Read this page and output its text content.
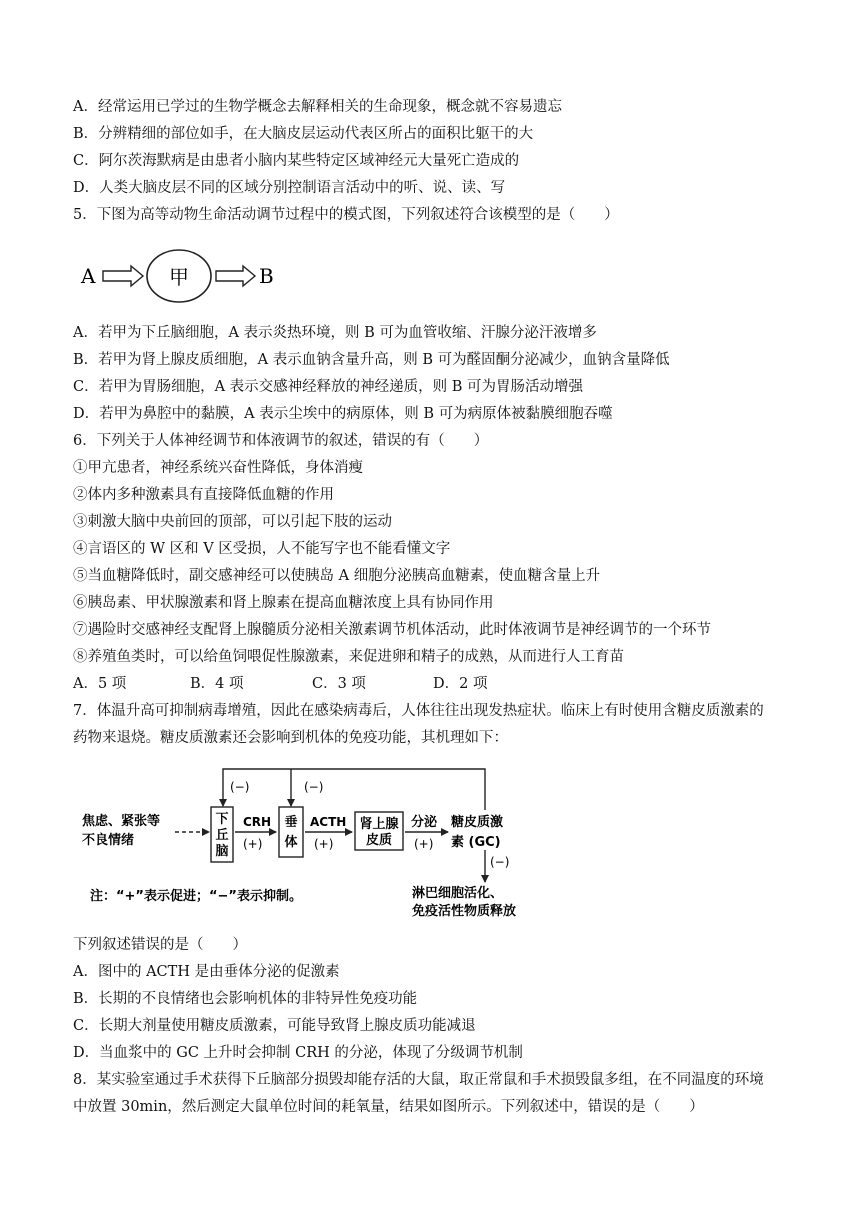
A．经常运用已学过的生物学概念去解释相关的生命现象，概念就不容易遗忘
B．分辨精细的部位如手，在大脑皮层运动代表区所占的面积比躯干的大
C．阿尔茨海默病是由患者小脑内某些特定区域神经元大量死亡造成的
D．人类大脑皮层不同的区域分别控制语言活动中的听、说、读、写
5．下图为高等动物生命活动调节过程中的模式图，下列叙述符合该模型的是（　　）
A	甲	B
A．若甲为下丘脑细胞，A 表示炎热环境，则 B 可为血管收缩、汗腺分泌汗液增多
B．若甲为肾上腺皮质细胞，A 表示血钠含量升高，则 B 可为醛固酮分泌减少，血钠含量降低
C．若甲为胃肠细胞，A 表示交感神经释放的神经递质，则 B 可为胃肠活动增强
D．若甲为鼻腔中的黏膜，A 表示尘埃中的病原体，则 B 可为病原体被黏膜细胞吞噬
6．下列关于人体神经调节和体液调节的叙述，错误的有（　　）
①甲亢患者，神经系统兴奋性降低，身体消瘦
②体内多种激素具有直接降低血糖的作用
③刺激大脑中央前回的顶部，可以引起下肢的运动
④言语区的 W 区和 V 区受损，人不能写字也不能看懂文字
⑤当血糖降低时，副交感神经可以使胰岛 A 细胞分泌胰高血糖素，使血糖含量上升
⑥胰岛素、甲状腺激素和肾上腺素在提高血糖浓度上具有协同作用
⑦遇险时交感神经支配肾上腺髓质分泌相关激素调节机体活动，此时体液调节是神经调节的一个环节
⑧养殖鱼类时，可以给鱼饲喂促性腺激素，来促进卵和精子的成熟，从而进行人工育苗
A．5 项	B．4 项	C．3 项	D．2 项
7．体温升高可抑制病毒增殖，因此在感染病毒后，人体往往出现发热症状。临床上有时使用含糖皮质激素的
药物来退烧。糖皮质激素还会影响到机体的免疫功能，其机理如下：
(−)	(−)
焦虑、紧张等
不良情绪
下
丘
脑
CRH
(+)
垂
体
ACTH
(+)
肾上腺
皮质
分泌
(+)
糖皮质激
素 (GC)
(−)
淋巴细胞活化、
免疫活性物质释放
注：“+”表示促进；“−”表示抑制。
下列叙述错误的是（　　）
A．图中的 ACTH 是由垂体分泌的促激素
B．长期的不良情绪也会影响机体的非特异性免疫功能
C．长期大剂量使用糖皮质激素，可能导致肾上腺皮质功能减退
D．当血浆中的 GC 上升时会抑制 CRH 的分泌，体现了分级调节机制
8．某实验室通过手术获得下丘脑部分损毁却能存活的大鼠，取正常鼠和手术损毁鼠多组，在不同温度的环境
中放置 30min，然后测定大鼠单位时间的耗氧量，结果如图所示。下列叙述中，错误的是（　　）
